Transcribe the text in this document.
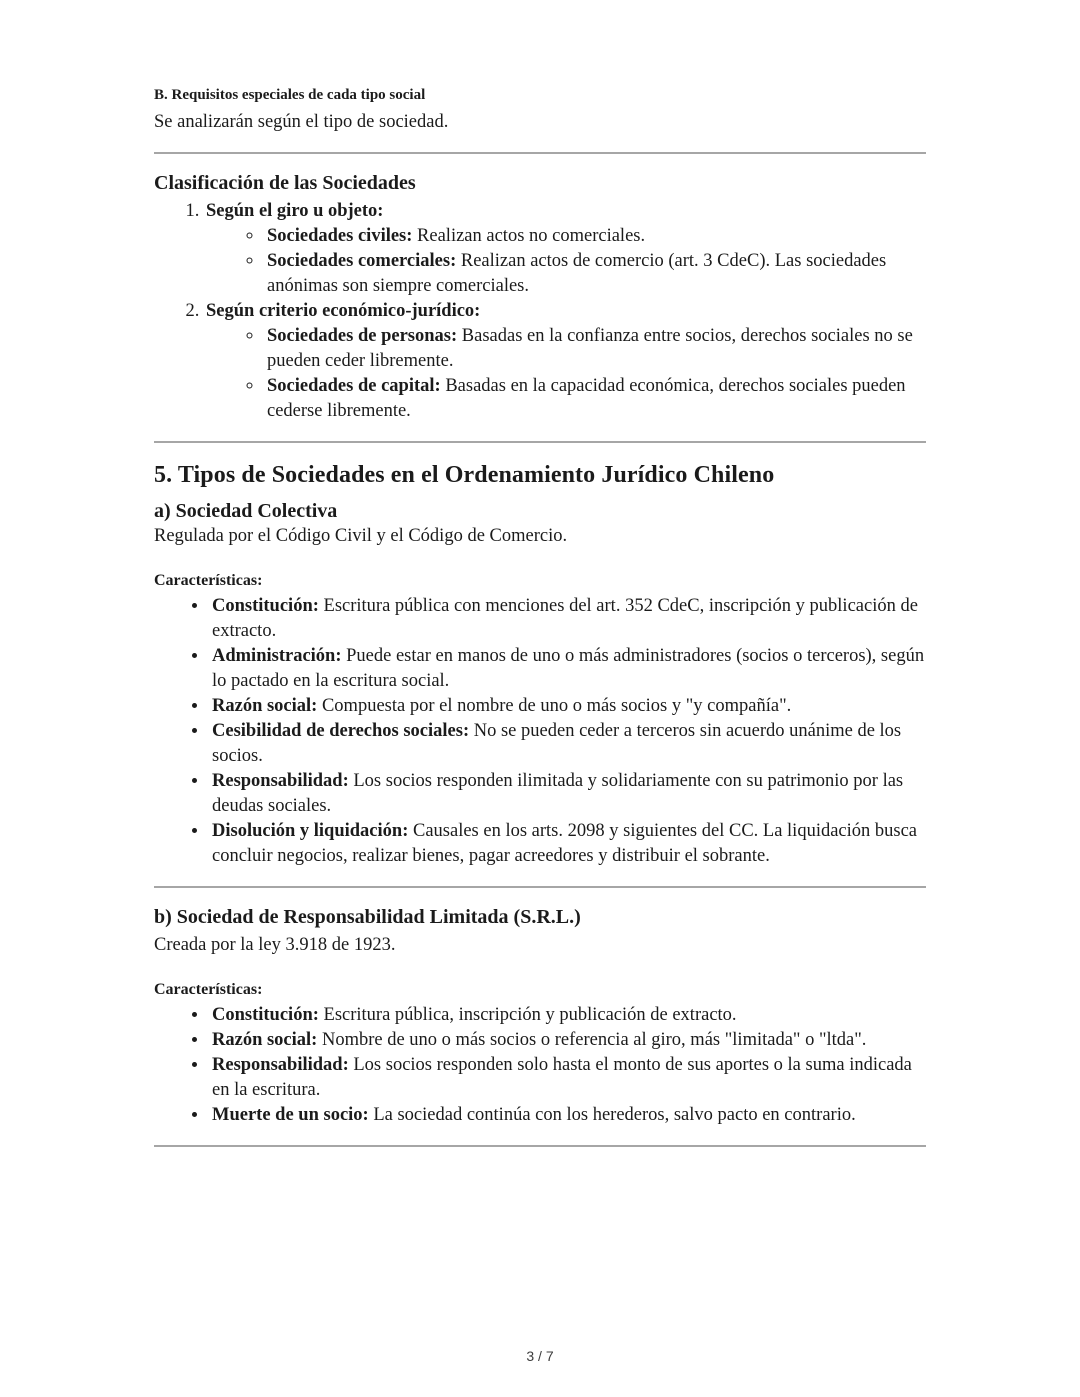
B. Requisitos especiales de cada tipo social

Se analizarán según el tipo de sociedad.

Clasificación de las Sociedades
1. Según el giro u objeto:
◦ Sociedades civiles: Realizan actos no comerciales.
◦ Sociedades comerciales: Realizan actos de comercio (art. 3 CdeC). Las sociedades anónimas son siempre comerciales.
2. Según criterio económico-jurídico:
◦ Sociedades de personas: Basadas en la confianza entre socios, derechos sociales no se pueden ceder libremente.
◦ Sociedades de capital: Basadas en la capacidad económica, derechos sociales pueden cederse libremente.
5. Tipos de Sociedades en el Ordenamiento Jurídico Chileno
a) Sociedad Colectiva

Regulada por el Código Civil y el Código de Comercio.

Características:

• Constitución: Escritura pública con menciones del art. 352 CdeC, inscripción y publicación de extracto.
• Administración: Puede estar en manos de uno o más administradores (socios o terceros), según lo pactado en la escritura social.
• Razón social: Compuesta por el nombre de uno o más socios y "y compañía".
• Cesibilidad de derechos sociales: No se pueden ceder a terceros sin acuerdo unánime de los socios.
• Responsabilidad: Los socios responden ilimitada y solidariamente con su patrimonio por las deudas sociales.
• Disolución y liquidación: Causales en los arts. 2098 y siguientes del CC. La liquidación busca concluir negocios, realizar bienes, pagar acreedores y distribuir el sobrante.
b) Sociedad de Responsabilidad Limitada (S.R.L.)

Creada por la ley 3.918 de 1923.

Características:

• Constitución: Escritura pública, inscripción y publicación de extracto.
• Razón social: Nombre de uno o más socios o referencia al giro, más "limitada" o "ltda".
• Responsabilidad: Los socios responden solo hasta el monto de sus aportes o la suma indicada en la escritura.
• Muerte de un socio: La sociedad continúa con los herederos, salvo pacto en contrario.
3 / 7
